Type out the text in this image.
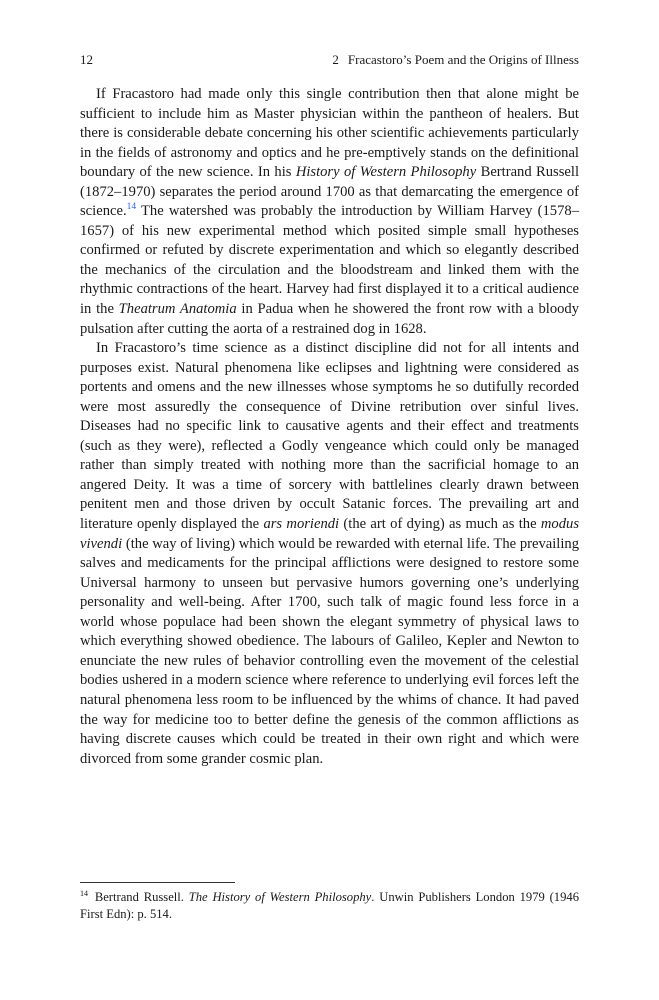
12	2 Fracastoro’s Poem and the Origins of Illness

If Fracastoro had made only this single contribution then that alone might be sufficient to include him as Master physician within the pantheon of healers. But there is considerable debate concerning his other scientific achievements particularly in the fields of astronomy and optics and he pre-emptively stands on the definitional boundary of the new science. In his History of Western Philosophy Bertrand Russell (1872–1970) separates the period around 1700 as that demarcating the emergence of science.$^{14}$ The watershed was probably the introduction by William Harvey (1578–1657) of his new experimental method which posited simple small hypotheses confirmed or refuted by discrete experimentation and which so elegantly described the mechanics of the circulation and the bloodstream and linked them with the rhythmic contractions of the heart. Harvey had first displayed it to a critical audience in the Theatrum Anatomia in Padua when he showered the front row with a bloody pulsation after cutting the aorta of a restrained dog in 1628.

In Fracastoro’s time science as a distinct discipline did not for all intents and purposes exist. Natural phenomena like eclipses and lightning were considered as portents and omens and the new illnesses whose symptoms he so dutifully recorded were most assuredly the consequence of Divine retribution over sinful lives. Diseases had no specific link to causative agents and their effect and treatments (such as they were), reflected a Godly vengeance which could only be managed rather than simply treated with nothing more than the sacrificial homage to an angered Deity. It was a time of sorcery with battlelines clearly drawn between penitent men and those driven by occult Satanic forces. The prevailing art and literature openly displayed the ars moriendi (the art of dying) as much as the modus vivendi (the way of living) which would be rewarded with eternal life. The prevailing salves and medicaments for the principal afflictions were designed to restore some Universal harmony to unseen but pervasive humors governing one’s underlying personality and well-being. After 1700, such talk of magic found less force in a world whose populace had been shown the elegant symmetry of physical laws to which everything showed obedience. The labours of Galileo, Kepler and Newton to enunciate the new rules of behavior controlling even the movement of the celestial bodies ushered in a modern science where reference to underlying evil forces left the natural phenomena less room to be influenced by the whims of chance. It had paved the way for medicine too to better define the genesis of the common afflictions as having discrete causes which could be treated in their own right and which were divorced from some grander cosmic plan.

$^{14}$ Bertrand Russell. The History of Western Philosophy. Unwin Publishers London 1979 (1946 First Edn): p. 514.
